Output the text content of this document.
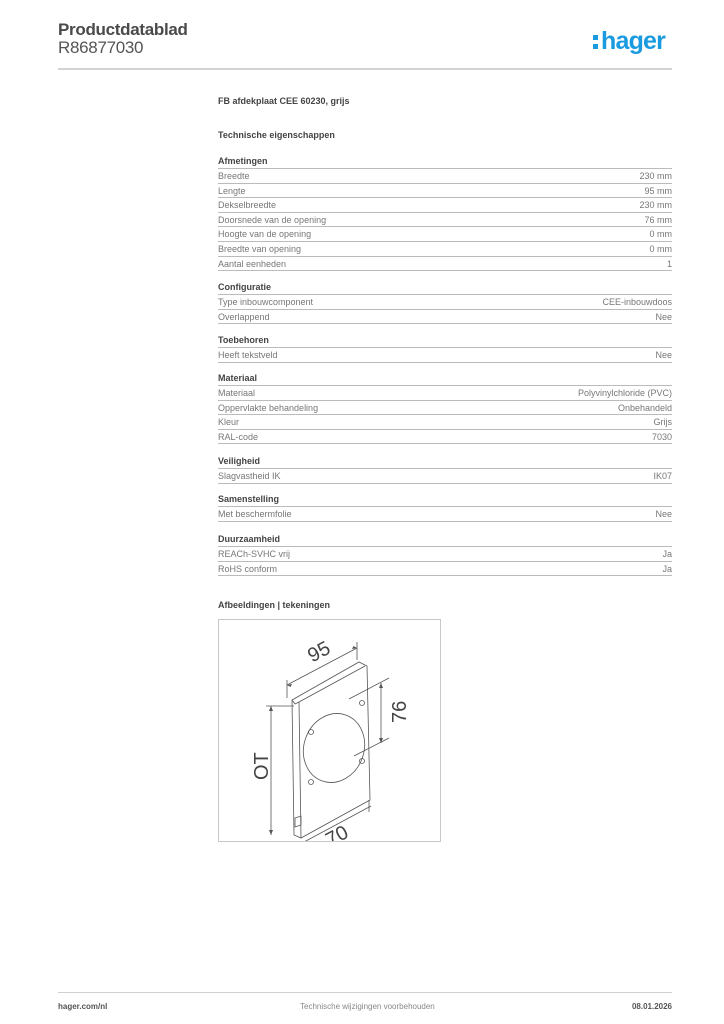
Productdatablad
R86877030	hager
FB afdekplaat CEE 60230, grijs
Technische eigenschappen
Afmetingen
Breedte	230 mm
Lengte	95 mm
Dekselbreedte	230 mm
Doorsnede van de opening	76 mm
Hoogte van de opening	0 mm
Breedte van opening	0 mm
Aantal eenheden	1
Configuratie
Type inbouwcomponent	CEE-inbouwdoos
Overlappend	Nee
Toebehoren
Heeft tekstveld	Nee
Materiaal
Materiaal	Polyvinylchloride (PVC)
Oppervlakte behandeling	Onbehandeld
Kleur	Grijs
RAL-code	7030
Veiligheid
Slagvastheid IK	IK07
Samenstelling
Met beschermfolie	Nee
Duurzaamheid
REACh-SVHC vrij	Ja
RoHS conform	Ja
Afbeeldingen | tekeningen
95
76
OT
70
hager.com/nl	Technische wijzigingen voorbehouden	08.01.2026
